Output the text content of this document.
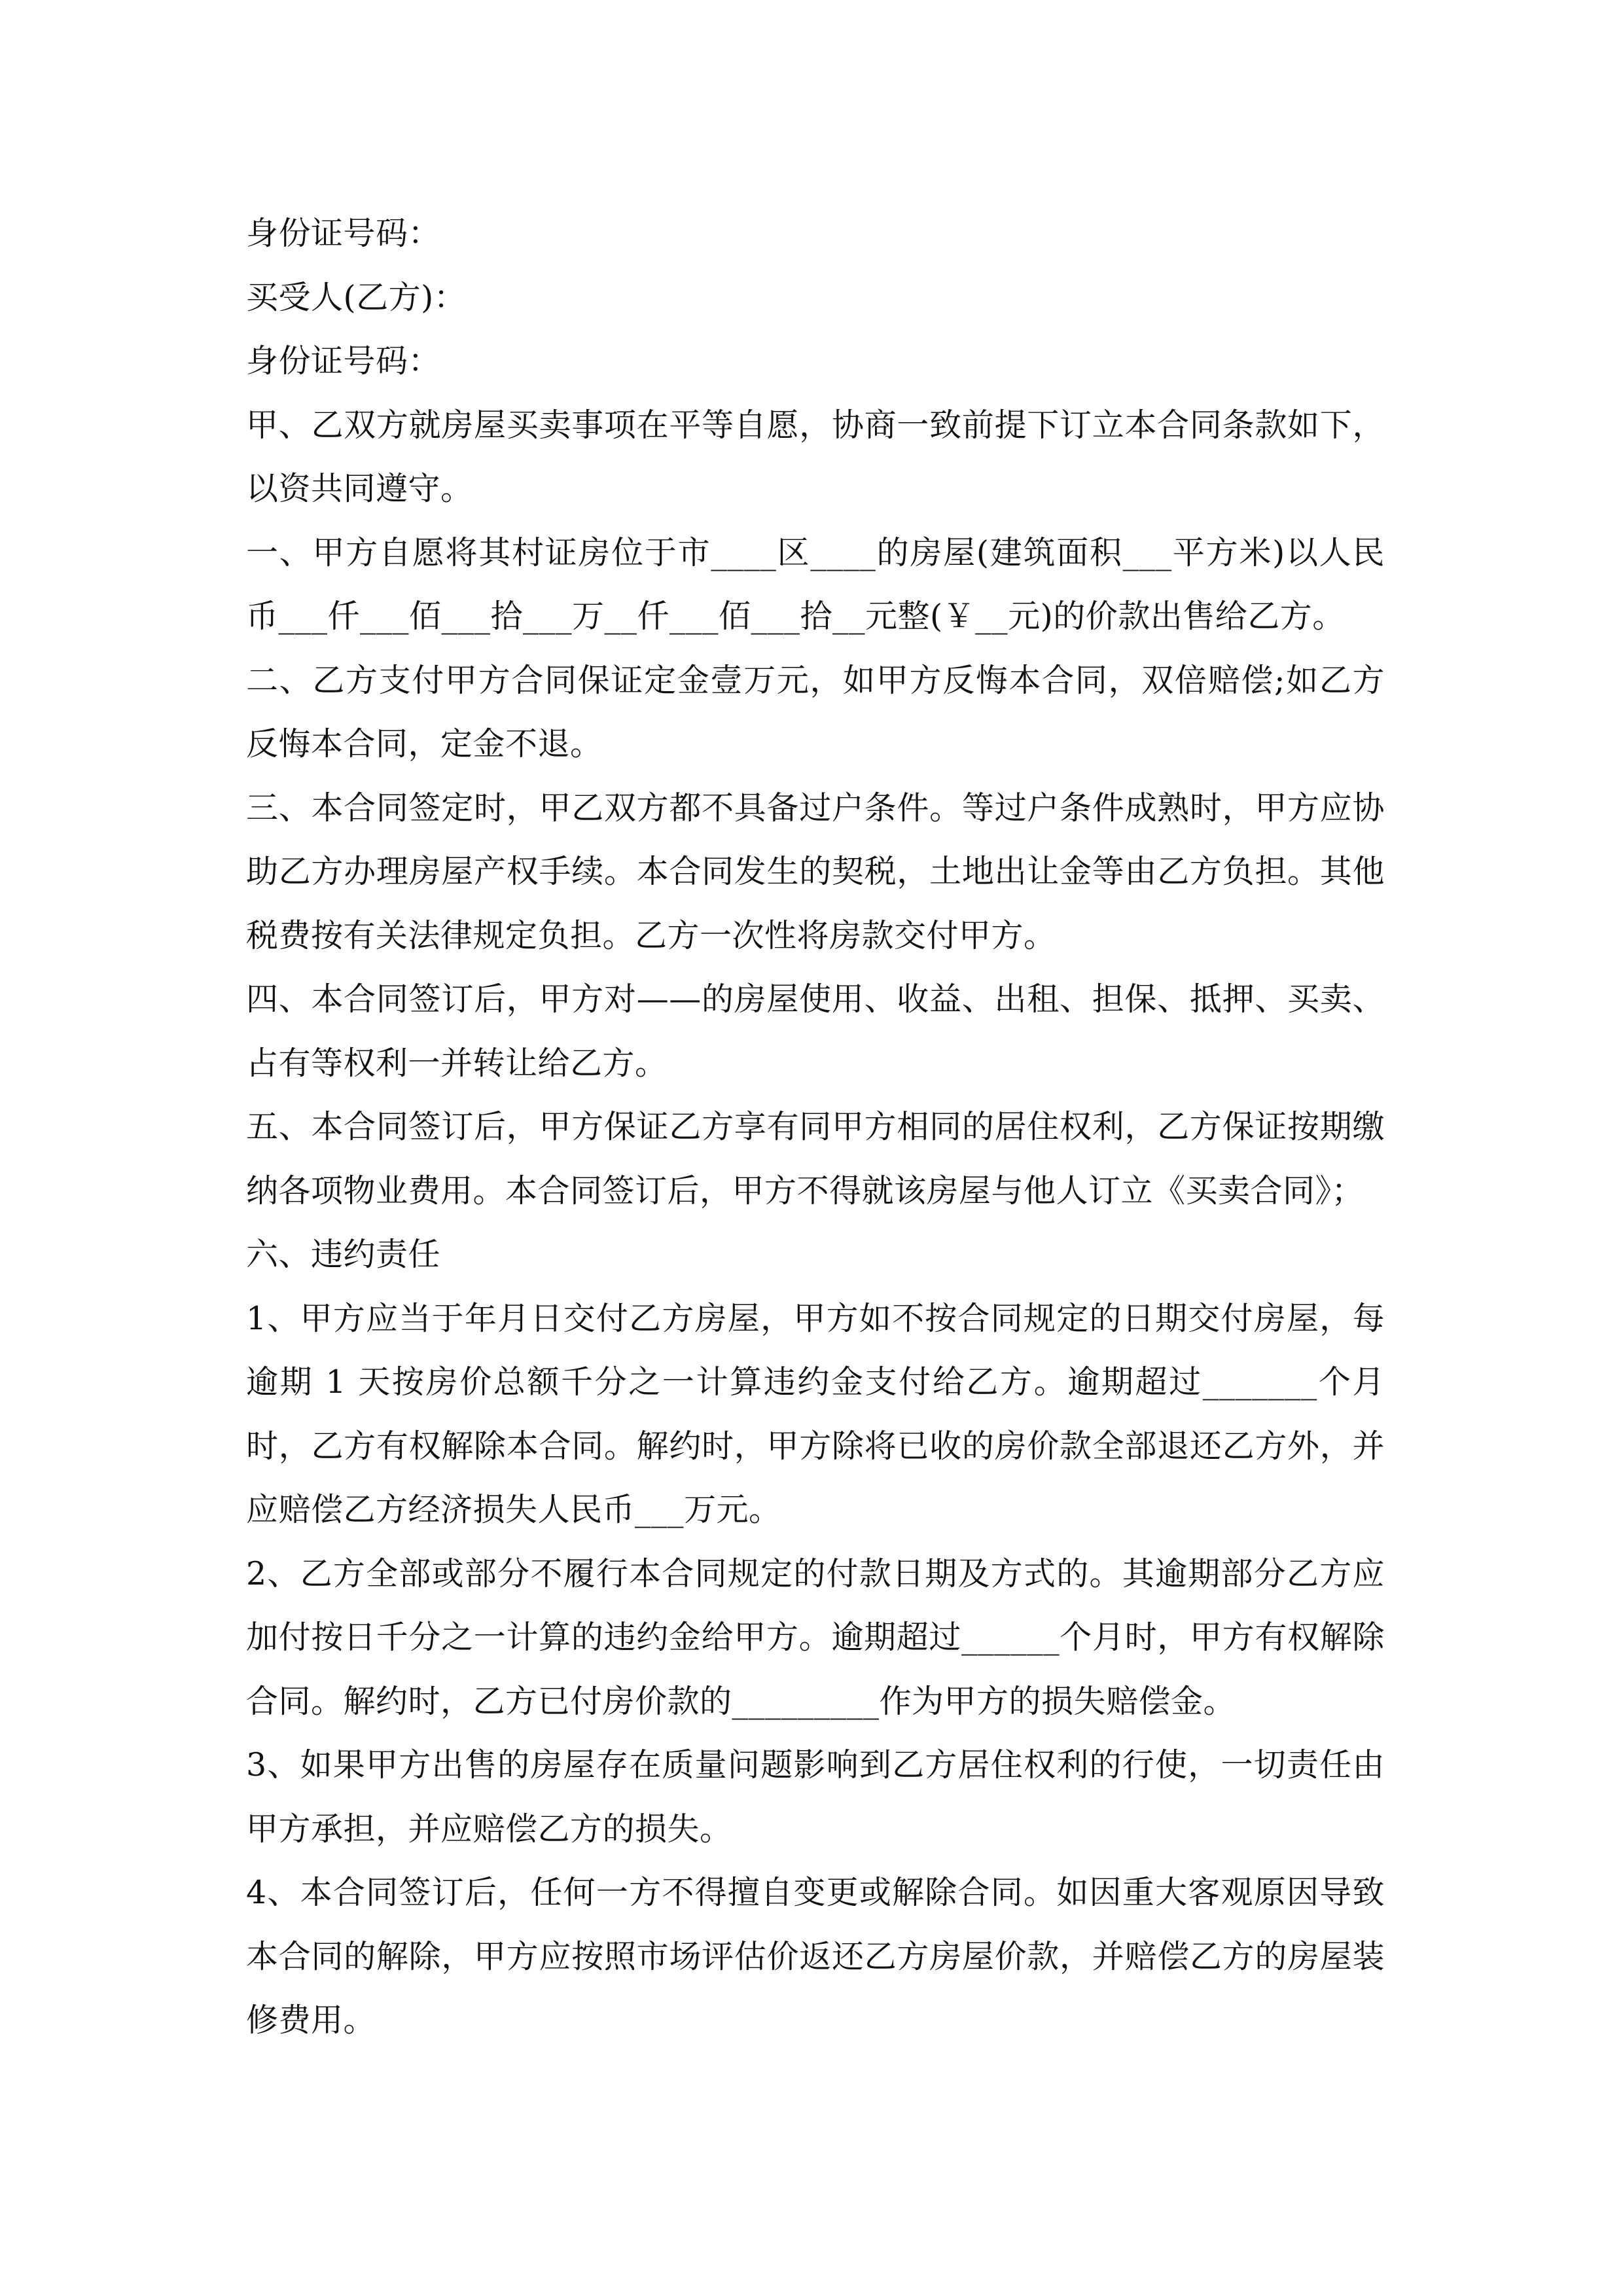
身份证号码：

买受人(乙方)：

身份证号码：

甲、乙双方就房屋买卖事项在平等自愿，协商一致前提下订立本合同条款如下，以资共同遵守。

一、甲方自愿将其村证房位于市____区____的房屋(建筑面积___平方米)以人民币___仟___佰___拾___万__仟___佰___拾__元整(￥__元)的价款出售给乙方。

二、乙方支付甲方合同保证定金壹万元，如甲方反悔本合同，双倍赔偿;如乙方反悔本合同，定金不退。

三、本合同签定时，甲乙双方都不具备过户条件。等过户条件成熟时，甲方应协助乙方办理房屋产权手续。本合同发生的契税，土地出让金等由乙方负担。其他税费按有关法律规定负担。乙方一次性将房款交付甲方。

四、本合同签订后，甲方对——的房屋使用、收益、出租、担保、抵押、买卖、占有等权利一并转让给乙方。

五、本合同签订后，甲方保证乙方享有同甲方相同的居住权利，乙方保证按期缴纳各项物业费用。本合同签订后，甲方不得就该房屋与他人订立《买卖合同》；

六、违约责任

1、甲方应当于年月日交付乙方房屋，甲方如不按合同规定的日期交付房屋，每逾期 1 天按房价总额千分之一计算违约金支付给乙方。逾期超过_______个月时，乙方有权解除本合同。解约时，甲方除将已收的房价款全部退还乙方外，并应赔偿乙方经济损失人民币___万元。

2、乙方全部或部分不履行本合同规定的付款日期及方式的。其逾期部分乙方应加付按日千分之一计算的违约金给甲方。逾期超过______个月时，甲方有权解除合同。解约时，乙方已付房价款的_________作为甲方的损失赔偿金。

3、如果甲方出售的房屋存在质量问题影响到乙方居住权利的行使，一切责任由甲方承担，并应赔偿乙方的损失。

4、本合同签订后，任何一方不得擅自变更或解除合同。如因重大客观原因导致本合同的解除，甲方应按照市场评估价返还乙方房屋价款，并赔偿乙方的房屋装修费用。
